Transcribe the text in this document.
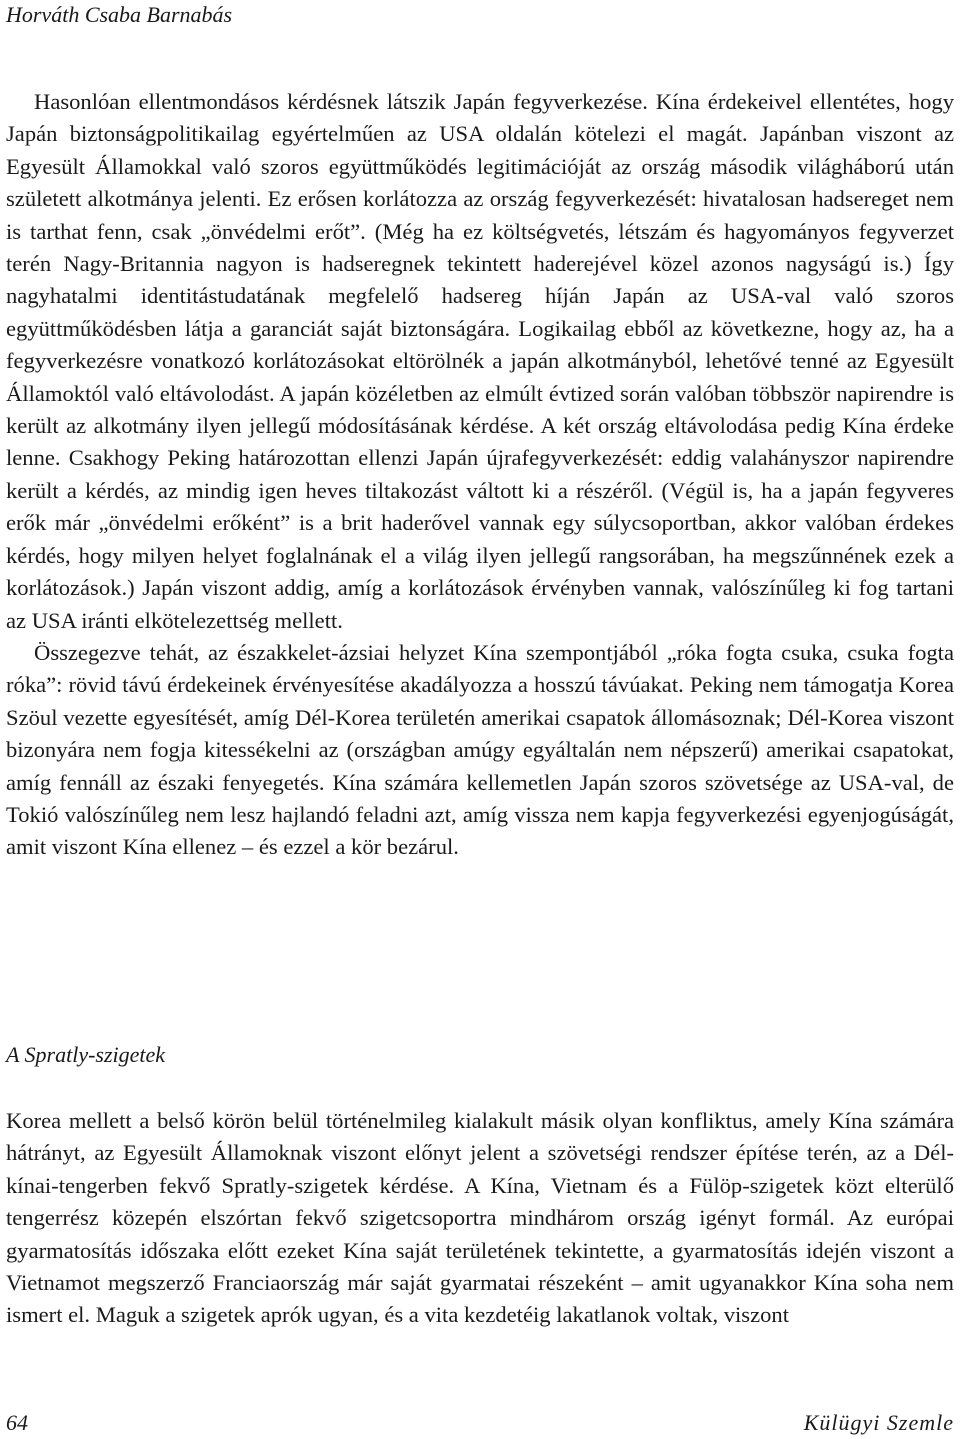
Horváth Csaba Barnabás

Hasonlóan ellentmondásos kérdésnek látszik Japán fegyverkezése. Kína érdekeivel ellentétes, hogy Japán biztonságpolitikailag egyértelműen az USA oldalán kötelezi el magát. Japánban viszont az Egyesült Államokkal való szoros együttműködés legitimációját az ország második világháború után született alkotmánya jelenti. Ez erősen korlátozza az ország fegyverkezését: hivatalosan hadsereget nem is tarthat fenn, csak „önvédelmi erőt”. (Még ha ez költségvetés, létszám és hagyományos fegyverzet terén Nagy-Britannia nagyon is hadseregnek tekintett haderejével közel azonos nagyságú is.) Így nagyhatalmi identitástudatának megfelelő hadsereg híján Japán az USA-val való szoros együttműködésben látja a garanciát saját biztonságára. Logikailag ebből az következne, hogy az, ha a fegyverkezésre vonatkozó korlátozásokat eltörölnék a japán alkotmányból, lehetővé tenné az Egyesült Államoktól való eltávolodást. A japán közéletben az elmúlt évtized során valóban többször napirendre is került az alkotmány ilyen jellegű módosításának kérdése. A két ország eltávolodása pedig Kína érdeke lenne. Csakhogy Peking határozottan ellenzi Japán újrafegyverkezését: eddig valahányszor napirendre került a kérdés, az mindig igen heves tiltakozást váltott ki a részéről. (Végül is, ha a japán fegyveres erők már „önvédelmi erőként” is a brit haderővel vannak egy súlycsoportban, akkor valóban érdekes kérdés, hogy milyen helyet foglalnának el a világ ilyen jellegű rangsorában, ha megszűnnének ezek a korlátozások.) Japán viszont addig, amíg a korlátozások érvényben vannak, valószínűleg ki fog tartani az USA iránti elkötelezettség mellett.

Összegezve tehát, az északkelet-ázsiai helyzet Kína szempontjából „róka fogta csuka, csuka fogta róka”: rövid távú érdekeinek érvényesítése akadályozza a hosszú távúakat. Peking nem támogatja Korea Szöul vezette egyesítését, amíg Dél-Korea területén amerikai csapatok állomásoznak; Dél-Korea viszont bizonyára nem fogja kitessékelni az (országban amúgy egyáltalán nem népszerű) amerikai csapatokat, amíg fennáll az északi fenyegetés. Kína számára kellemetlen Japán szoros szövetsége az USA-val, de Tokió valószínűleg nem lesz hajlandó feladni azt, amíg vissza nem kapja fegyverkezési egyenjogúságát, amit viszont Kína ellenez – és ezzel a kör bezárul.

A Spratly-szigetek

Korea mellett a belső körön belül történelmileg kialakult másik olyan konfliktus, amely Kína számára hátrányt, az Egyesült Államoknak viszont előnyt jelent a szövetségi rendszer építése terén, az a Dél-kínai-tengerben fekvő Spratly-szigetek kérdése. A Kína, Vietnam és a Fülöp-szigetek közt elterülő tengerrész közepén elszórtan fekvő szigetcsoportra mindhárom ország igényt formál. Az európai gyarmatosítás időszaka előtt ezeket Kína saját területének tekintette, a gyarmatosítás idején viszont a Vietnamot megszerző Franciaország már saját gyarmatai részeként – amit ugyanakkor Kína soha nem ismert el. Maguk a szigetek aprók ugyan, és a vita kezdetéig lakatlanok voltak, viszont

64	Külügyi Szemle
